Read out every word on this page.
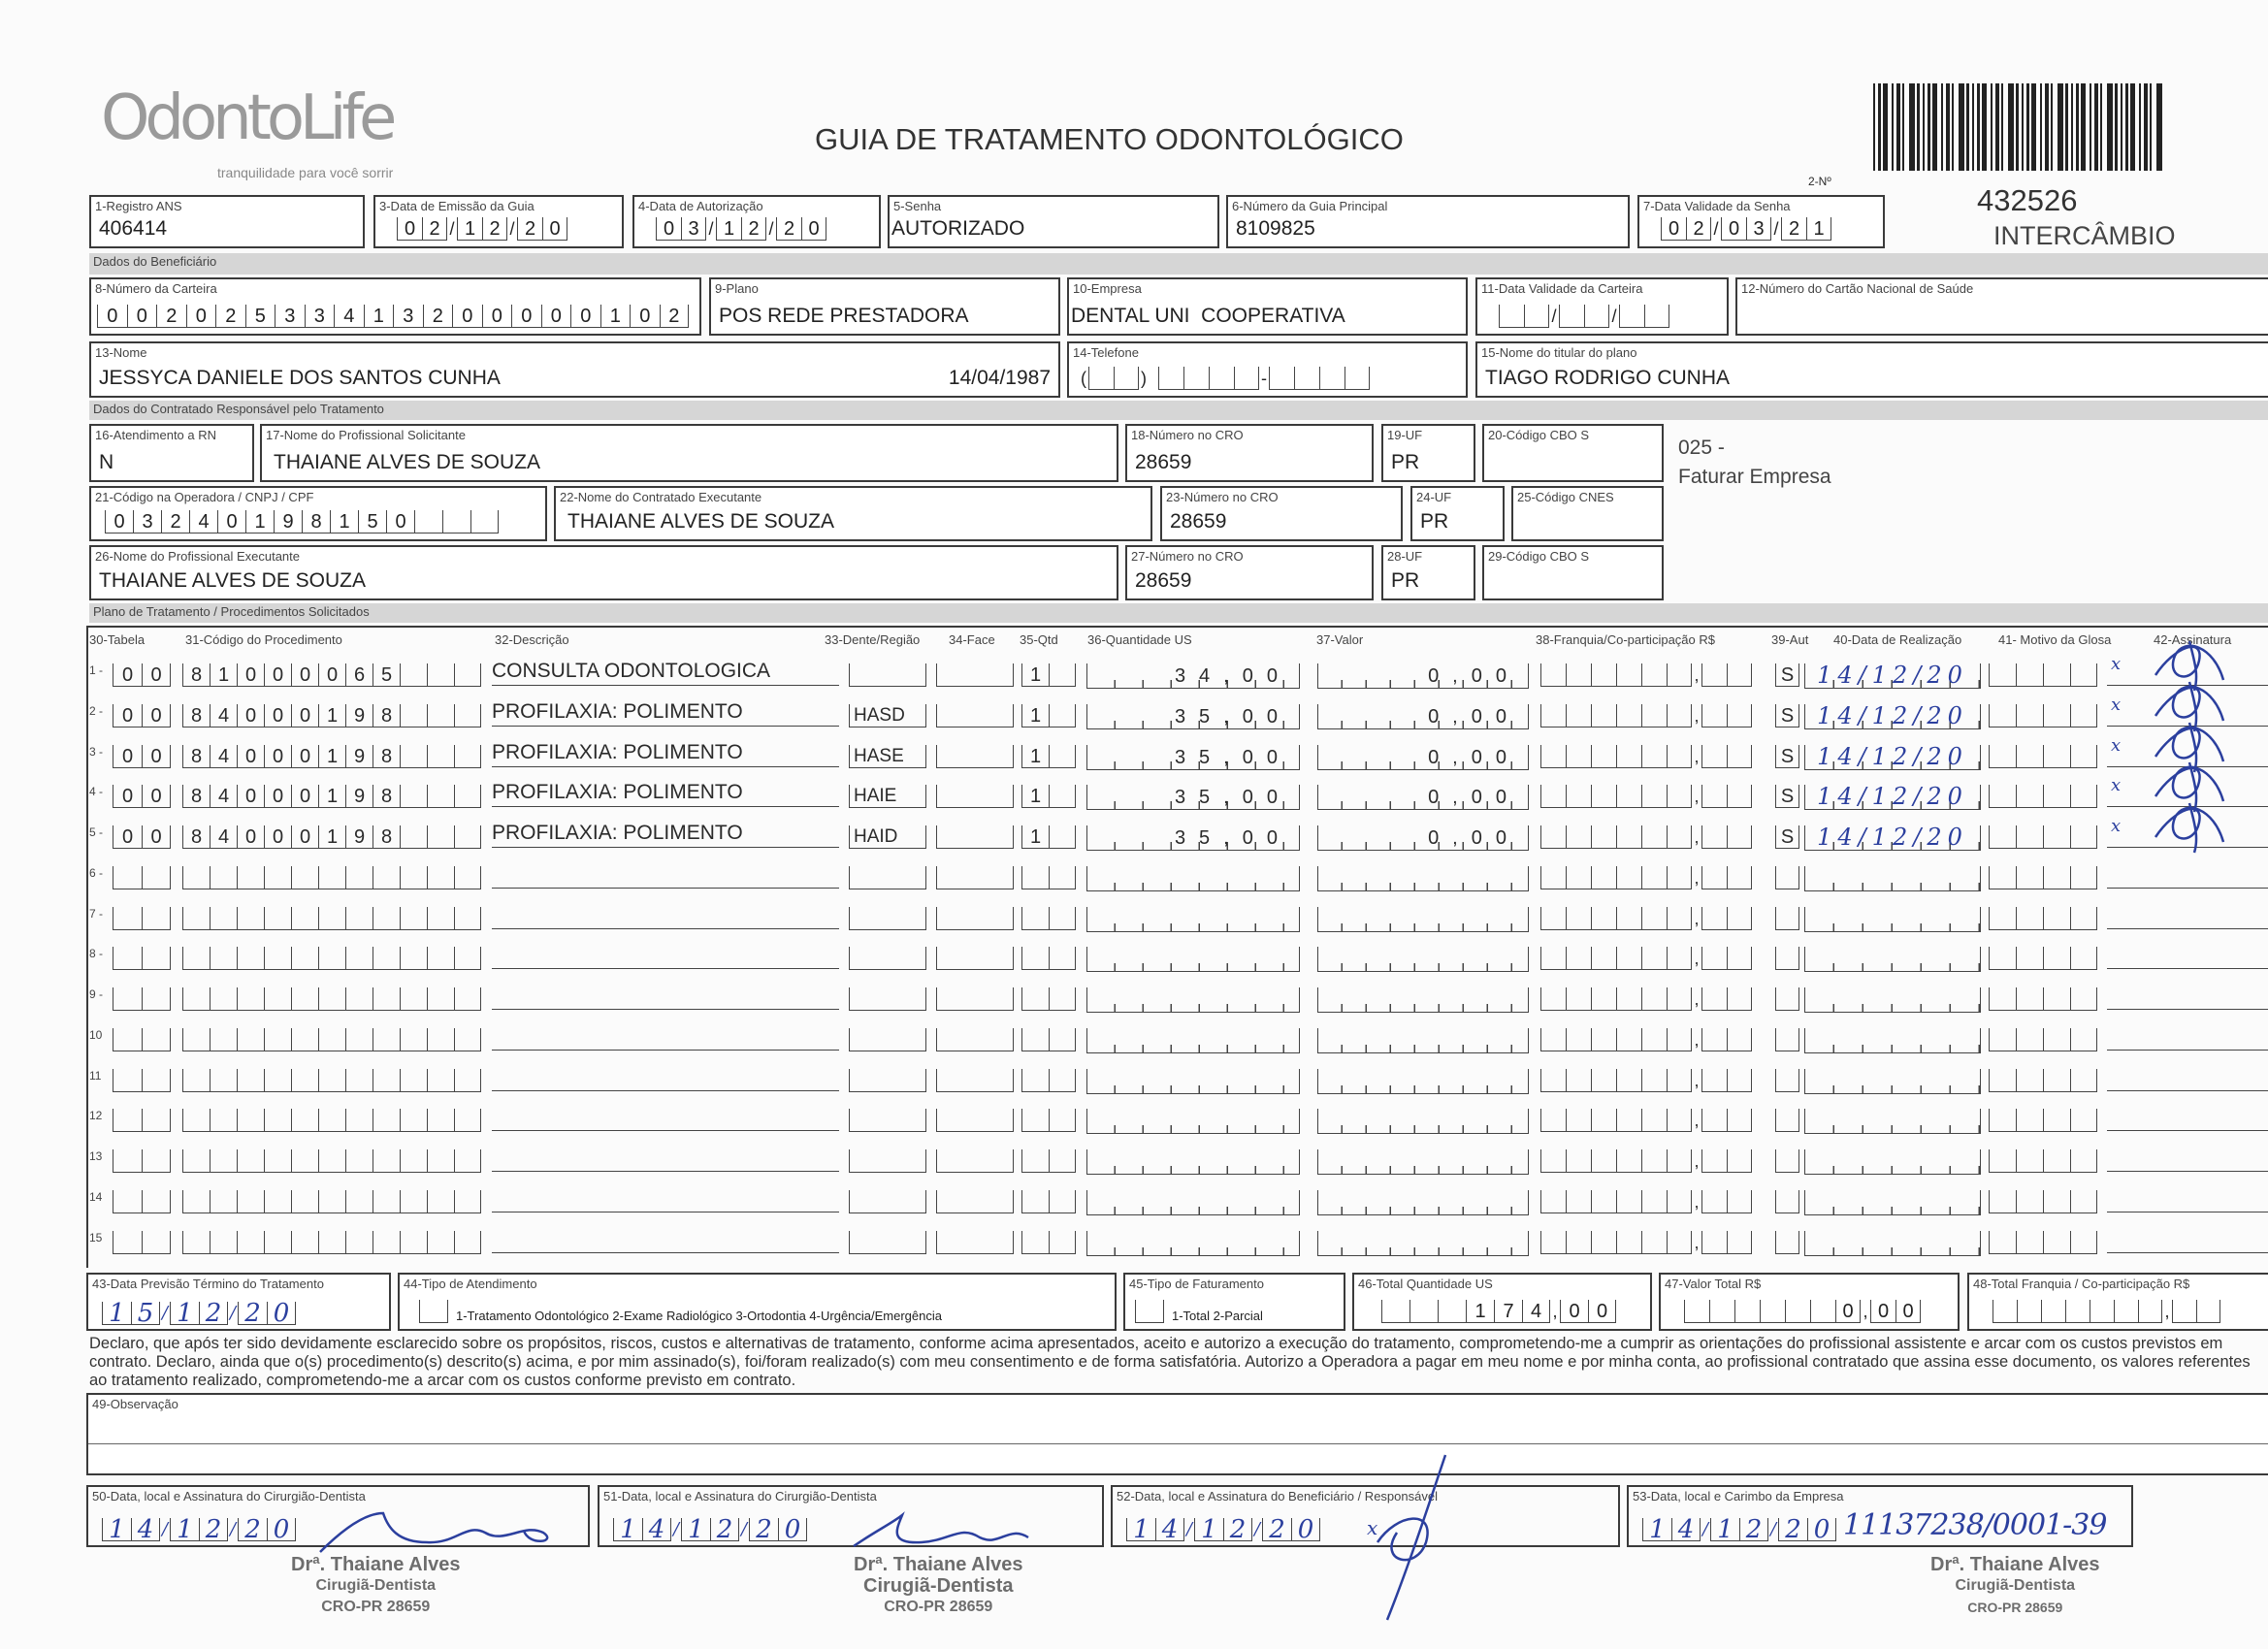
OdontoLife
tranquilidade para você sorrir
GUIA DE TRATAMENTO ODONTOLÓGICO
2-Nº
432526
INTERCÂMBIO
1-Registro ANS
406414
3-Data de Emissão da Guia
0 2 / 1 2 / 2 0
4-Data de Autorização
0 3 / 1 2 / 2 0
5-Senha
AUTORIZADO
6-Número da Guia Principal
8109825
7-Data Validade da Senha
0 2 / 0 3 / 2 1
Dados do Beneficiário
8-Número da Carteira
0 0 2 0 2 5 3 3 4 1 3 2 0 0 0 0 0 1 0 2
9-Plano
POS REDE PRESTADORA
10-Empresa
DENTAL UNI  COOPERATIVA
11-Data Validade da Carteira
/	/
12-Número do Cartão Nacional de Saúde
13-Nome
JESSYCA DANIELE DOS SANTOS CUNHA	14/04/1987
14-Telefone
(	)
	-
15-Nome do titular do plano
TIAGO RODRIGO CUNHA
Dados do Contratado Responsável pelo Tratamento
16-Atendimento a RN
N
17-Nome do Profissional Solicitante
THAIANE ALVES DE SOUZA
18-Número no CRO
28659
19-UF
PR
20-Código CBO S
025 -
Faturar Empresa
21-Código na Operadora / CNPJ / CPF
0 3 2 4 0 1 9 8 1 5 0
22-Nome do Contratado Executante
THAIANE ALVES DE SOUZA
23-Número no CRO
28659
24-UF
PR
25-Código CNES
26-Nome do Profissional Executante
THAIANE ALVES DE SOUZA
27-Número no CRO
28659
28-UF
PR
29-Código CBO S
Plano de Tratamento / Procedimentos Solicitados
30-Tabela	31-Código do Procedimento	32-Descrição	33-Dente/Região 34-Face 35-Qtd 36-Quantidade US	37-Valor	38-Franquia/Co-participação R$	39-Aut 40-Data de Realização	41- Motivo da Glosa	42-Assinatura
1 - 0 0	8 1 0 0 0 0 6 5	CONSULTA ODONTOLOGICA	1	34,00	0,00	,	S 14/12/20	x
2 - 0 0	8 4 0 0 0 1 9 8	PROFILAXIA: POLIMENTO	HASD	1	35,00	0,00	,	S 14/12/20	x
3 - 0 0	8 4 0 0 0 1 9 8	PROFILAXIA: POLIMENTO	HASE	1	35,00	0,00	,	S 14/12/20	x
4 - 0 0	8 4 0 0 0 1 9 8	PROFILAXIA: POLIMENTO	HAIE	1	35,00	0,00	,	S 14/12/20	x
5 - 0 0	8 4 0 0 0 1 9 8	PROFILAXIA: POLIMENTO	HAID	1	35,00	0,00	,	S 14/12/20	x
6 -	,
7 -	,
8 -	,
9 -	,
10	,
11	,
12	,
13	,
14	,
15	,
43-Data Previsão Término do Tratamento
1 5 / 1 2 / 2 0
44-Tipo de Atendimento
1-Tratamento Odontológico 2-Exame Radiológico 3-Ortodontia 4-Urgência/Emergência
45-Tipo de Faturamento
1-Total 2-Parcial
46-Total Quantidade US
1 7 4 , 0 0
47-Valor Total R$
0 , 0 0
48-Total Franquia / Co-participação R$
,
Declaro, que após ter sido devidamente esclarecido sobre os propósitos, riscos, custos e alternativas de tratamento, conforme acima apresentados, aceito e autorizo a execução do tratamento, comprometendo-me a cumprir as orientações do profissional assistente e arcar com os custos previstos em contrato. Declaro, ainda que o(s) procedimento(s) descrito(s) acima, e por mim assinado(s), foi/foram realizado(s) com meu consentimento e de forma satisfatória. Autorizo a Operadora a pagar em meu nome e por minha conta, ao profissional contratado que assina esse documento, os valores referentes ao tratamento realizado, comprometendo-me a arcar com os custos conforme previsto em contrato.
49-Observação
50-Data, local e Assinatura do Cirurgião-Dentista
1 4 / 1 2 / 2 0
51-Data, local e Assinatura do Cirurgião-Dentista
1 4 / 1 2 / 2 0
52-Data, local e Assinatura do Beneficiário / Responsável
1 4 / 1 2 / 2 0	x
53-Data, local e Carimbo da Empresa
1 4 / 1 2 / 2 0 11137238/0001-39
Drª. Thaiane Alves
Cirugiã-Dentista
CRO-PR 28659
Drª. Thaiane Alves
Cirugiã-Dentista
CRO-PR 28659
Drª. Thaiane Alves
Cirugiã-Dentista
CRO-PR 28659
